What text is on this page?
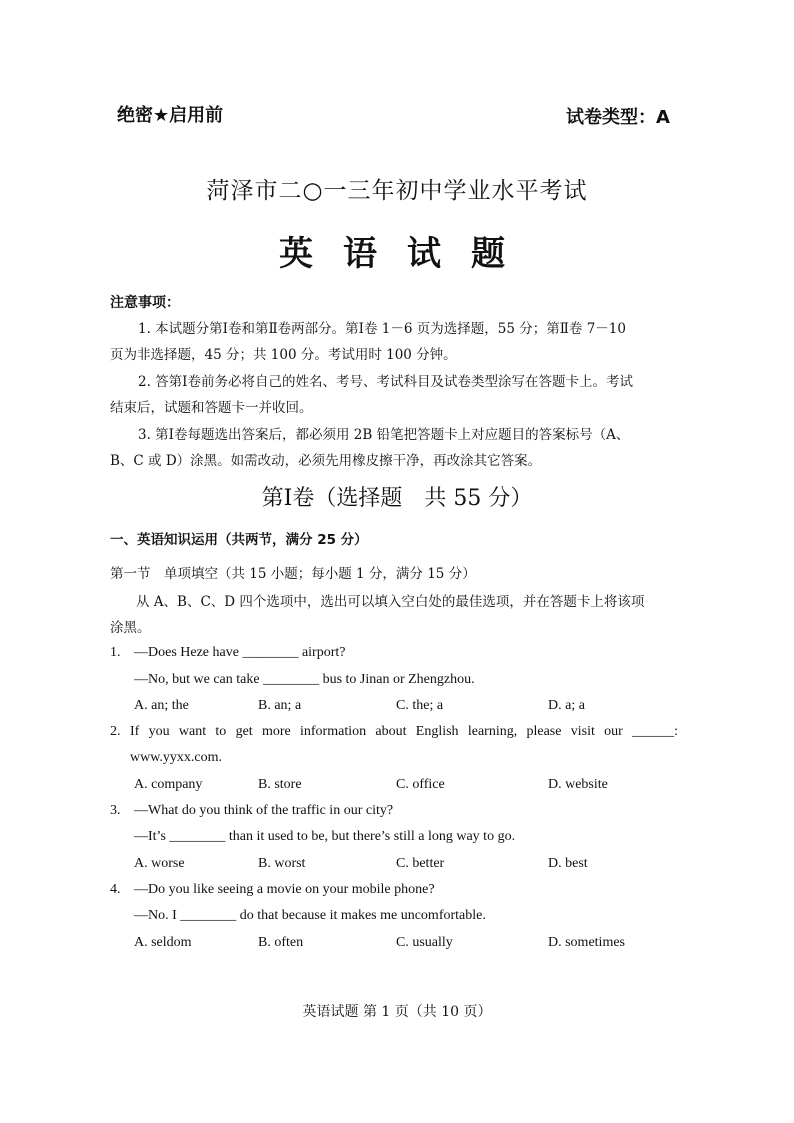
绝密★启用前	试卷类型：A
菏泽市二○一三年初中学业水平考试
英语试题
注意事项：
1. 本试题分第Ⅰ卷和第Ⅱ卷两部分。第Ⅰ卷 1－6 页为选择题，55 分；第Ⅱ卷 7－10
页为非选择题，45 分；共 100 分。考试用时 100 分钟。
2. 答第Ⅰ卷前务必将自己的姓名、考号、考试科目及试卷类型涂写在答题卡上。考试
结束后，试题和答题卡一并收回。
3. 第Ⅰ卷每题选出答案后，都必须用 2B 铅笔把答题卡上对应题目的答案标号（A、
B、C 或 D）涂黑。如需改动，必须先用橡皮擦干净，再改涂其它答案。
第Ⅰ卷（选择题　共 55 分）
一、英语知识运用（共两节，满分 25 分）
第一节　单项填空（共 15 小题；每小题 1 分，满分 15 分）
从 A、B、C、D 四个选项中，选出可以填入空白处的最佳选项，并在答题卡上将该项
涂黑。
1. —Does Heze have ________ airport?
—No, but we can take ________ bus to Jinan or Zhengzhou.
A. an; the	B. an; a	C. the; a	D. a; a
2. If you want to get more information about English learning, please visit our ______:
www.yyxx.com.
A. company	B. store	C. office	D. website
3. —What do you think of the traffic in our city?
—It’s ________ than it used to be, but there’s still a long way to go.
A. worse	B. worst	C. better	D. best
4. —Do you like seeing a movie on your mobile phone?
—No. I ________ do that because it makes me uncomfortable.
A. seldom	B. often	C. usually	D. sometimes
英语试题 第 1 页（共 10 页）
